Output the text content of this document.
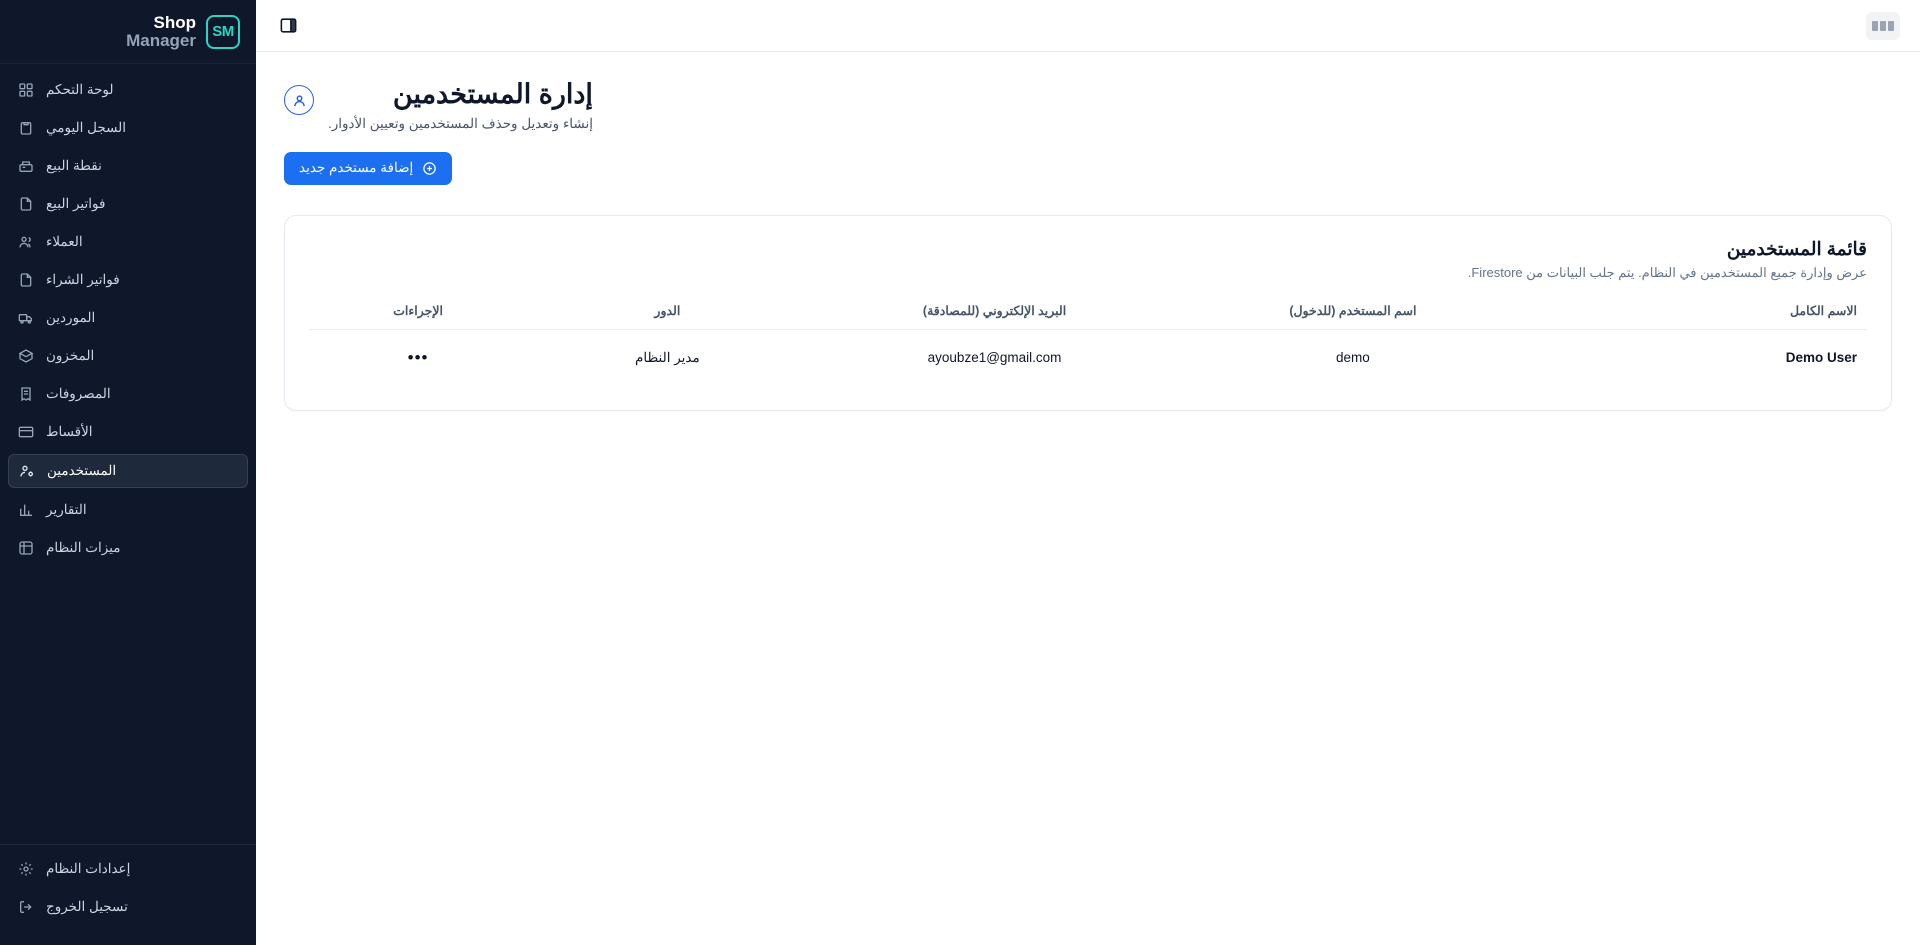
SM
Shop
Manager
لوحة التحكم
السجل اليومي
نقطة البيع
فواتير البيع
العملاء
فواتير الشراء
الموردين
المخزون
المصروفات
الأقساط
المستخدمين
التقارير
ميزات النظام
إعدادات النظام
تسجيل الخروج
إدارة المستخدمين

إنشاء وتعديل وحذف المستخدمين وتعيين الأدوار.

إضافة مستخدم جديد
قائمة المستخدمين

عرض وإدارة جميع المستخدمين في النظام. يتم جلب البيانات من Firestore.

الاسم الكامل	اسم المستخدم (للدخول)	البريد الإلكتروني (للمصادقة)	الدور	الإجراءات
Demo User	demo	ayoubze1@gmail.com	مدير النظام	•••
